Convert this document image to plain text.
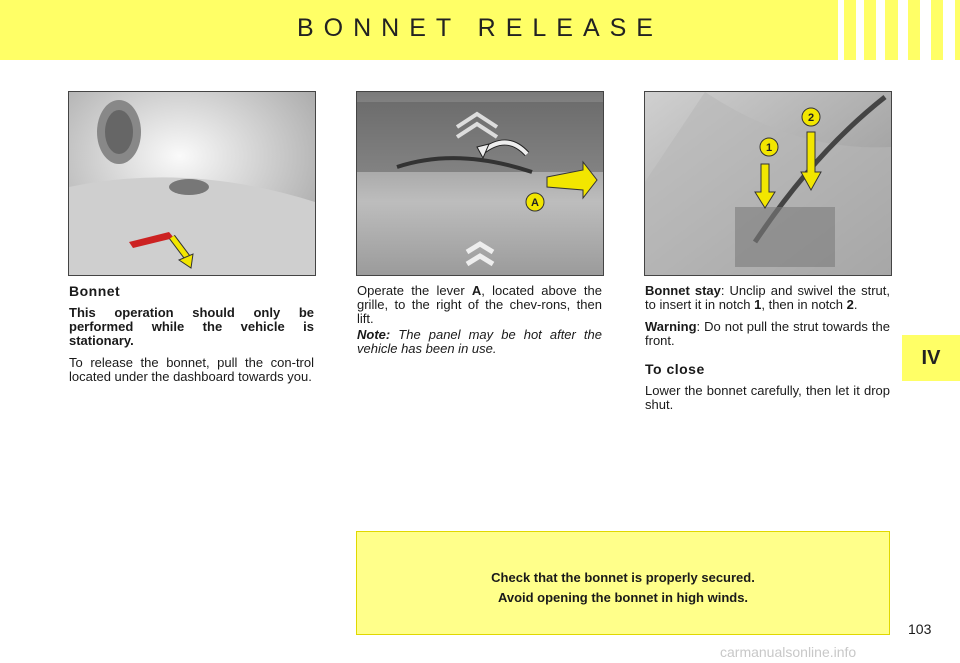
BONNET RELEASE
A
2
1
Bonnet

This operation should only be performed while the vehicle is stationary.

To release the bonnet, pull the con-trol located under the dashboard towards you.

Operate the lever A, located above the grille, to the right of the chev-rons, then lift.

Note: The panel may be hot after the vehicle has been in use.

Bonnet stay: Unclip and swivel the strut, to insert it in notch 1, then in notch 2.

Warning: Do not pull the strut towards the front.

To close

Lower the bonnet carefully, then let it drop shut.

IV
Check that the bonnet is properly secured.
Avoid opening the bonnet in high winds.
103
carmanualsonline.info
